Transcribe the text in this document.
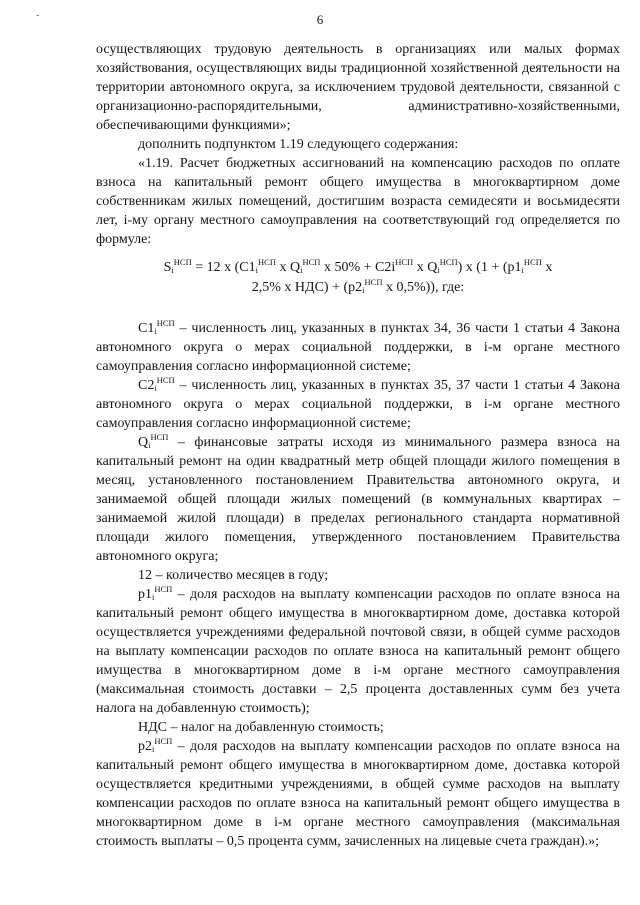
-	6

осуществляющих трудовую деятельность в организациях или малых формах хозяйствования, осуществляющих виды традиционной хозяйственной деятельности на территории автономного округа, за исключением трудовой деятельности, связанной с организационно-распорядительными, административно-хозяйственными, обеспечивающими функциями»;

дополнить подпунктом 1.19 следующего содержания:

«1.19. Расчет бюджетных ассигнований на компенсацию расходов по оплате взноса на капитальный ремонт общего имущества в многоквартирном доме собственникам жилых помещений, достигшим возраста семидесяти и восьмидесяти лет, i-му органу местного самоуправления на соответствующий год определяется по формуле:

$S_i^{НСП} = 12$ x ($C1_i^{НСП}$ x $Q_i^{НСП}$ x $50\% + C2i^{НСП}$ x $Q_i^{НСП}$) x ($1 + (p1_i^{НСП}$ x
2,5% x $НДС) + (p2_i^{НСП}$ x 0,5%)), где:

$C1_i^{НСП}$ – численность лиц, указанных в пунктах 34, 36 части 1 статьи 4 Закона автономного округа о мерах социальной поддержки, в i-м органе местного самоуправления согласно информационной системе;

$C2_i^{НСП}$ – численность лиц, указанных в пунктах 35, 37 части 1 статьи 4 Закона автономного округа о мерах социальной поддержки, в i-м органе местного самоуправления согласно информационной системе;

$Q_i^{НСП}$ – финансовые затраты исходя из минимального размера взноса на капитальный ремонт на один квадратный метр общей площади жилого помещения в месяц, установленного постановлением Правительства автономного округа, и занимаемой общей площади жилых помещений (в коммунальных квартирах – занимаемой жилой площади) в пределах регионального стандарта нормативной площади жилого помещения, утвержденного постановлением Правительства автономного округа;

12 – количество месяцев в году;

$p1_i^{НСП}$ – доля расходов на выплату компенсации расходов по оплате взноса на капитальный ремонт общего имущества в многоквартирном доме, доставка которой осуществляется учреждениями федеральной почтовой связи, в общей сумме расходов на выплату компенсации расходов по оплате взноса на капитальный ремонт общего имущества в многоквартирном доме в i-м органе местного самоуправления (максимальная стоимость доставки – 2,5 процента доставленных сумм без учета налога на добавленную стоимость);

НДС – налог на добавленную стоимость;

$p2_i^{НСП}$ – доля расходов на выплату компенсации расходов по оплате взноса на капитальный ремонт общего имущества в многоквартирном доме, доставка которой осуществляется кредитными учреждениями, в общей сумме расходов на выплату компенсации расходов по оплате взноса на капитальный ремонт общего имущества в многоквартирном доме в i-м органе местного самоуправления (максимальная стоимость выплаты – 0,5 процента сумм, зачисленных на лицевые счета граждан).»;
